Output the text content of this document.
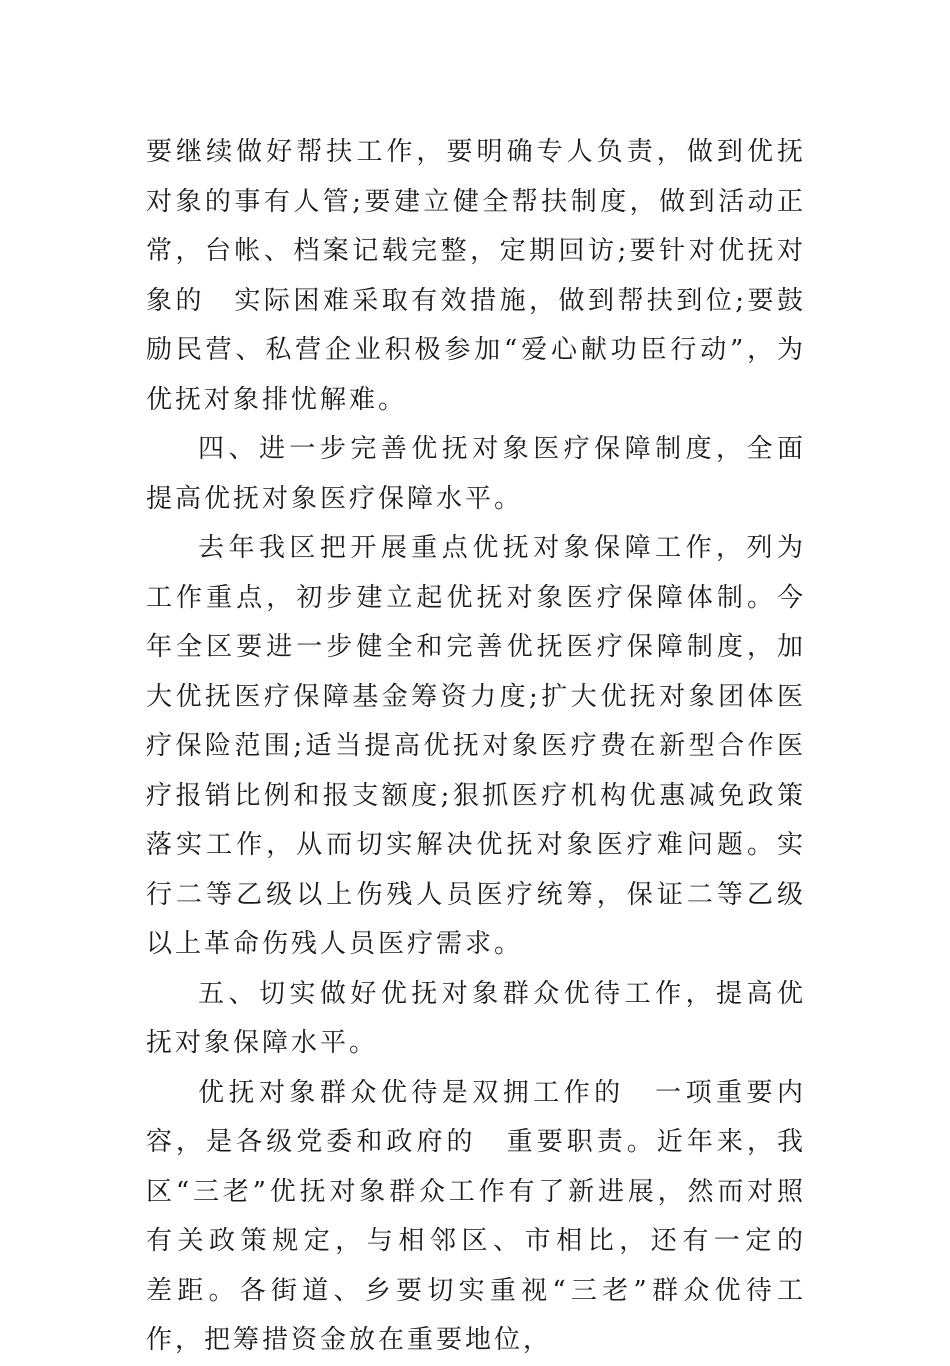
要继续做好帮扶工作，要明确专人负责，做到优抚对象的事有人管;要建立健全帮扶制度，做到活动正常，台帐、档案记载完整，定期回访;要针对优抚对象的　实际困难采取有效措施，做到帮扶到位;要鼓励民营、私营企业积极参加“爱心献功臣行动”，为优抚对象排忧解难。

四、进一步完善优抚对象医疗保障制度，全面提高优抚对象医疗保障水平。

去年我区把开展重点优抚对象保障工作，列为工作重点，初步建立起优抚对象医疗保障体制。今年全区要进一步健全和完善优抚医疗保障制度，加大优抚医疗保障基金筹资力度;扩大优抚对象团体医疗保险范围;适当提高优抚对象医疗费在新型合作医疗报销比例和报支额度;狠抓医疗机构优惠减免政策落实工作，从而切实解决优抚对象医疗难问题。实行二等乙级以上伤残人员医疗统筹，保证二等乙级以上革命伤残人员医疗需求。

五、切实做好优抚对象群众优待工作，提高优抚对象保障水平。

优抚对象群众优待是双拥工作的　一项重要内容，是各级党委和政府的　重要职责。近年来，我区“三老”优抚对象群众工作有了新进展，然而对照有关政策规定，与相邻区、市相比，还有一定的　差距。各街道、乡要切实重视“三老”群众优待工作，把筹措资金放在重要地位，
